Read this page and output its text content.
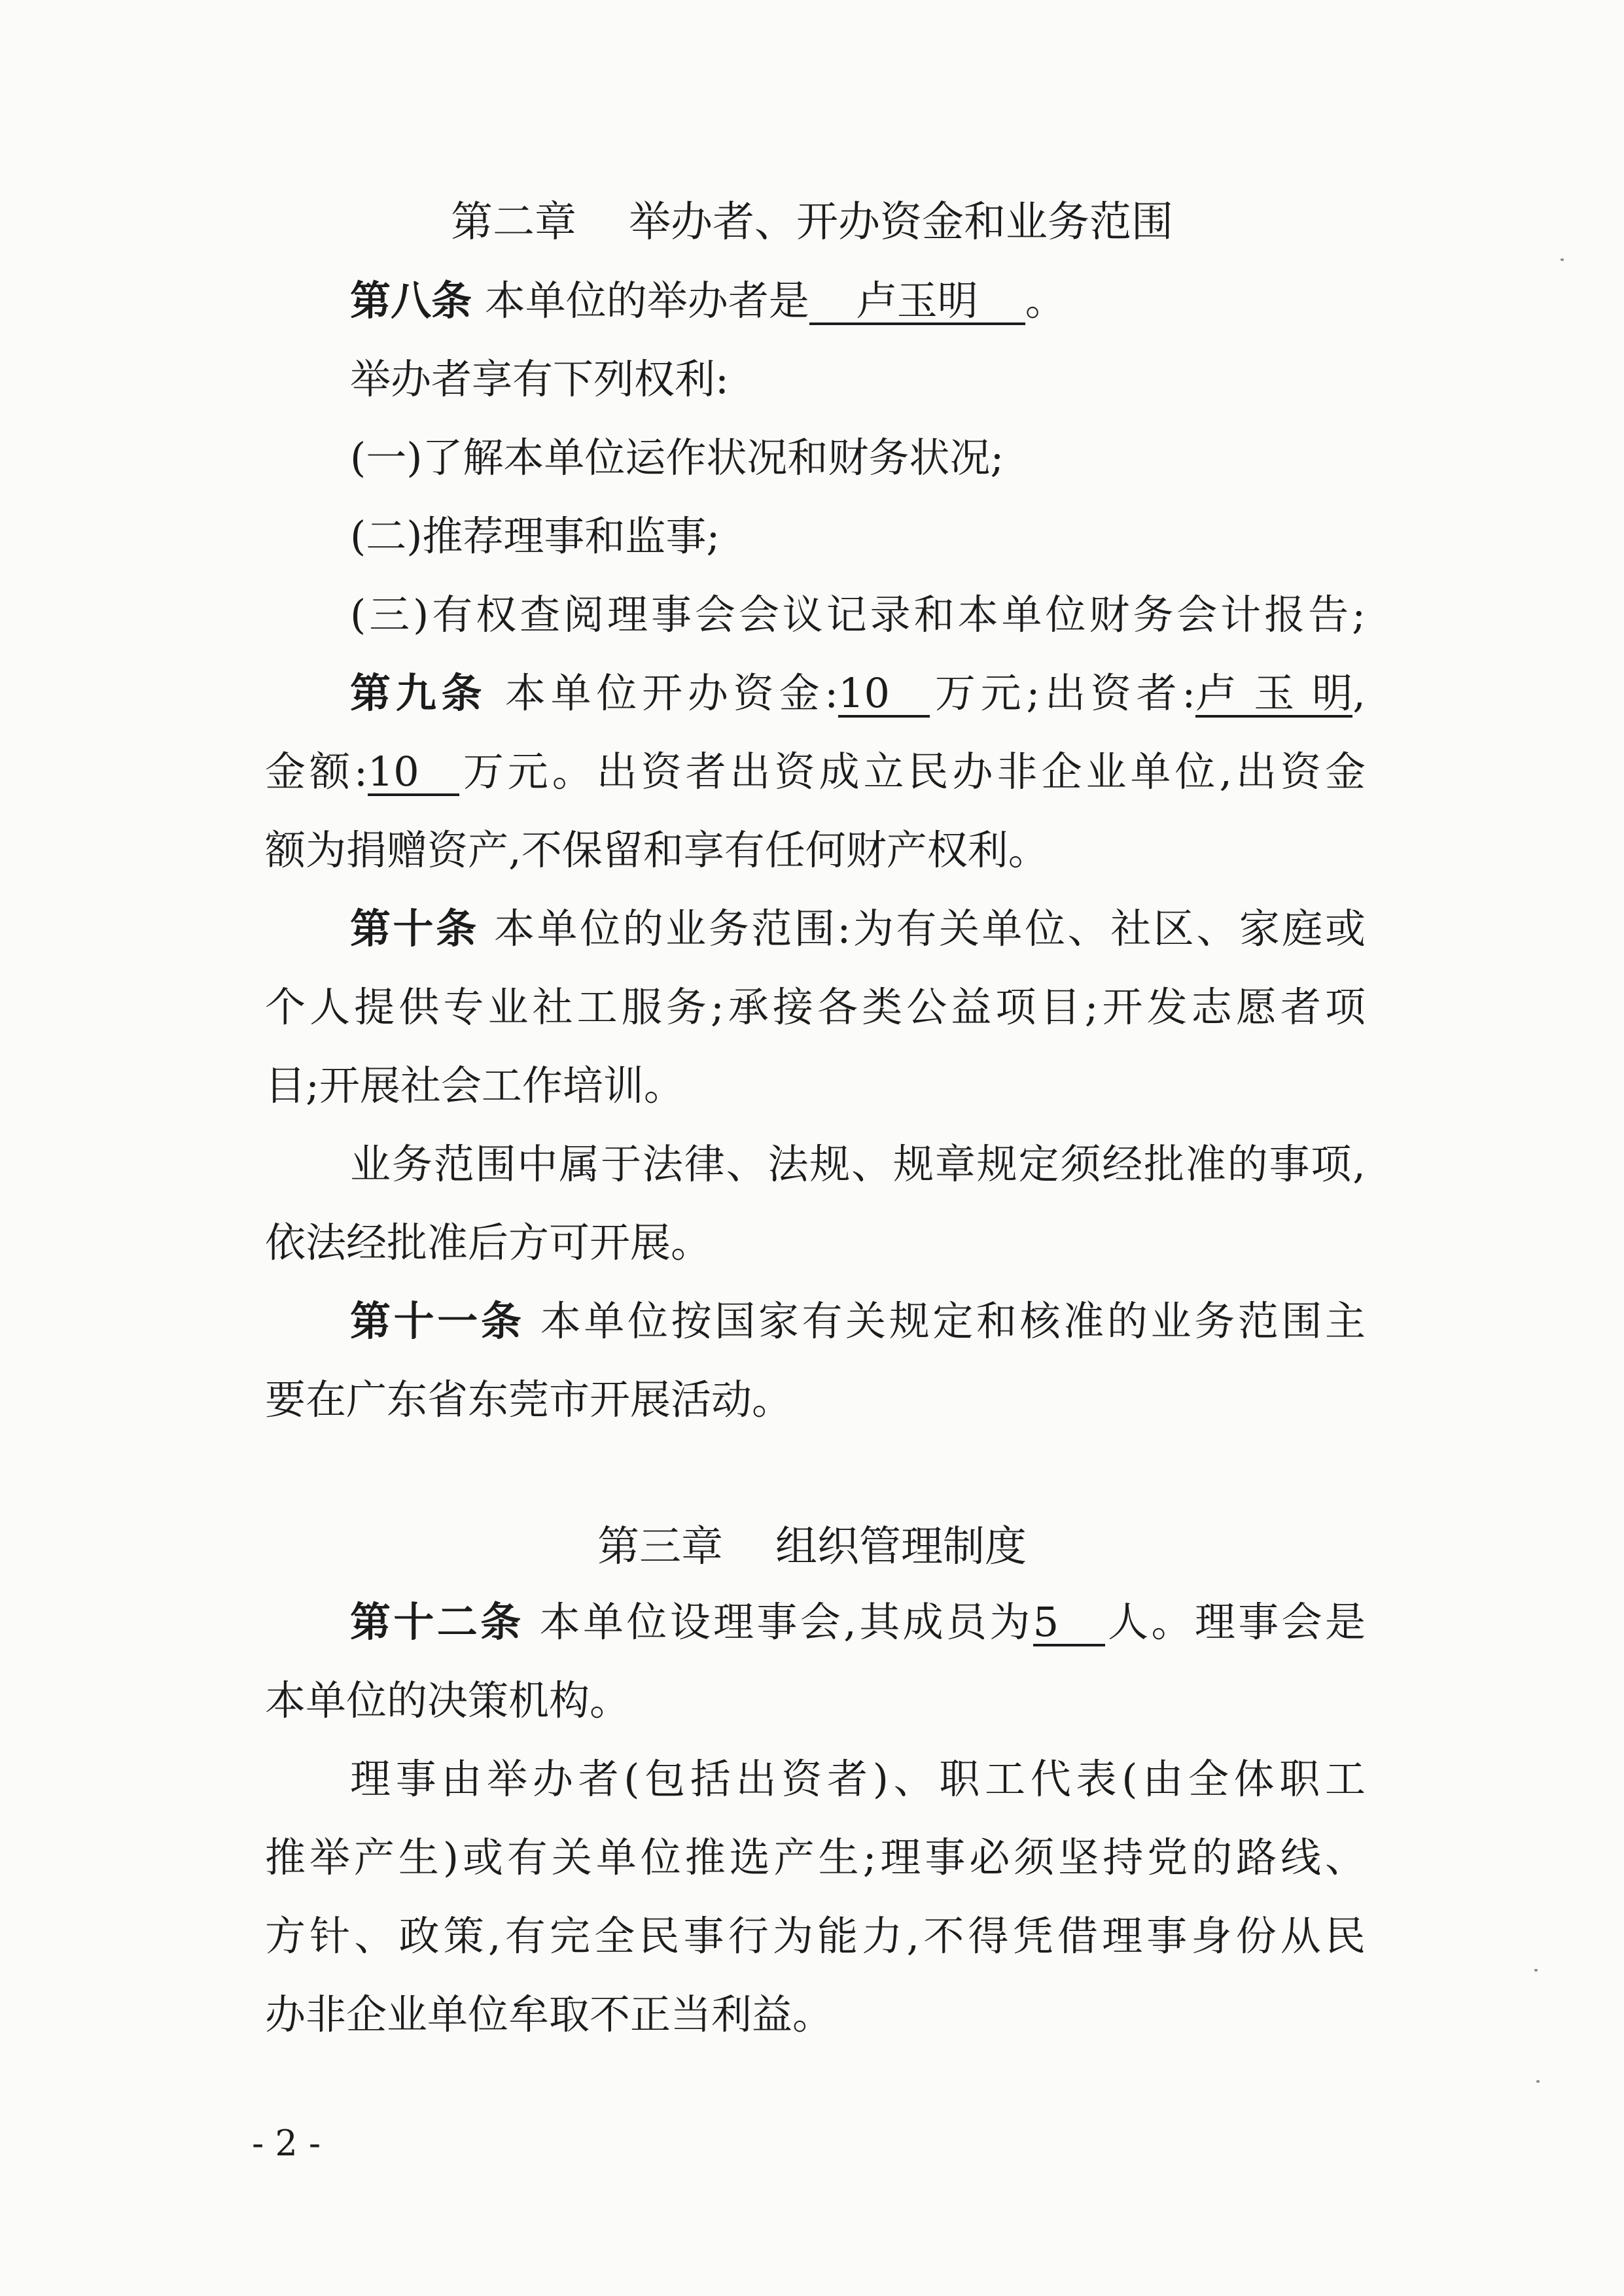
第二章 举办者、开办资金和业务范围
第八条 本单位的举办者是 卢玉明 。
举办者享有下列权利:
(一)了解本单位运作状况和财务状况;
(二)推荐理事和监事;
(三)有权查阅理事会会议记录和本单位财务会计报告;
第九条 本单位开办资金:10 万元;出资者:卢玉明,
金额:10 万元。出资者出资成立民办非企业单位,出资金
额为捐赠资产,不保留和享有任何财产权利。
第十条 本单位的业务范围:为有关单位、社区、家庭或
个人提供专业社工服务;承接各类公益项目;开发志愿者项
目;开展社会工作培训。
业务范围中属于法律、法规、规章规定须经批准的事项,
依法经批准后方可开展。
第十一条 本单位按国家有关规定和核准的业务范围主
要在广东省东莞市开展活动。
第三章 组织管理制度
第十二条 本单位设理事会,其成员为5 人。理事会是
本单位的决策机构。
理事由举办者(包括出资者)、职工代表(由全体职工
推举产生)或有关单位推选产生;理事必须坚持党的路线、
方针、政策,有完全民事行为能力,不得凭借理事身份从民
办非企业单位牟取不正当利益。
- 2 -
